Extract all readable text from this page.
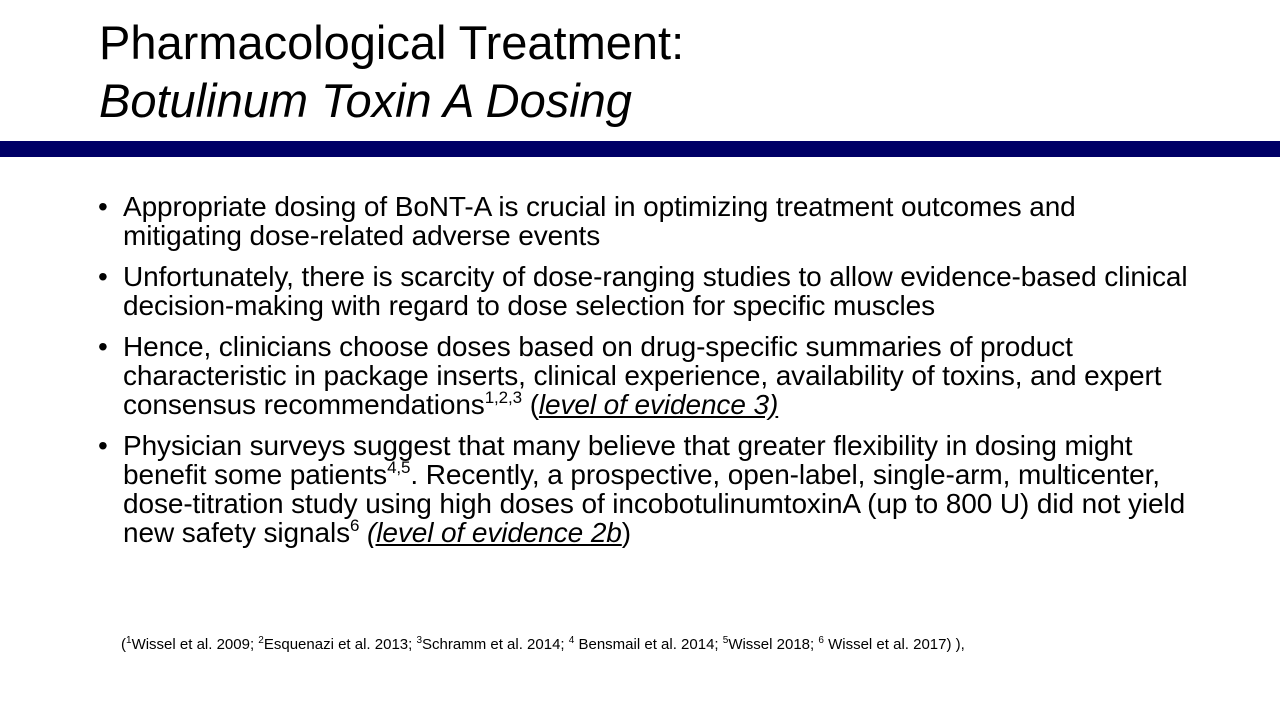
Pharmacological Treatment:
Botulinum Toxin A Dosing
• Appropriate dosing of BoNT-A is crucial in optimizing treatment outcomes and mitigating dose-related adverse events
• Unfortunately, there is scarcity of dose-ranging studies to allow evidence-based clinical decision-making with regard to dose selection for specific muscles
• Hence, clinicians choose doses based on drug-specific summaries of product characteristic in package inserts, clinical experience, availability of toxins, and expert consensus recommendations$^{1,2,3}$ (level of evidence 3)
• Physician surveys suggest that many believe that greater flexibility in dosing might benefit some patients$^{4,5}$. Recently, a prospective, open-label, single-arm, multicenter, dose-titration study using high doses of incobotulinumtoxinA (up to 800 U) did not yield new safety signals$^6$ (level of evidence 2b)
($^1$Wissel et al. 2009; $^2$Esquenazi et al. 2013; $^3$Schramm et al. 2014; $^4$ Bensmail et al. 2014; $^5$Wissel 2018; $^6$ Wissel et al. 2017) ),
